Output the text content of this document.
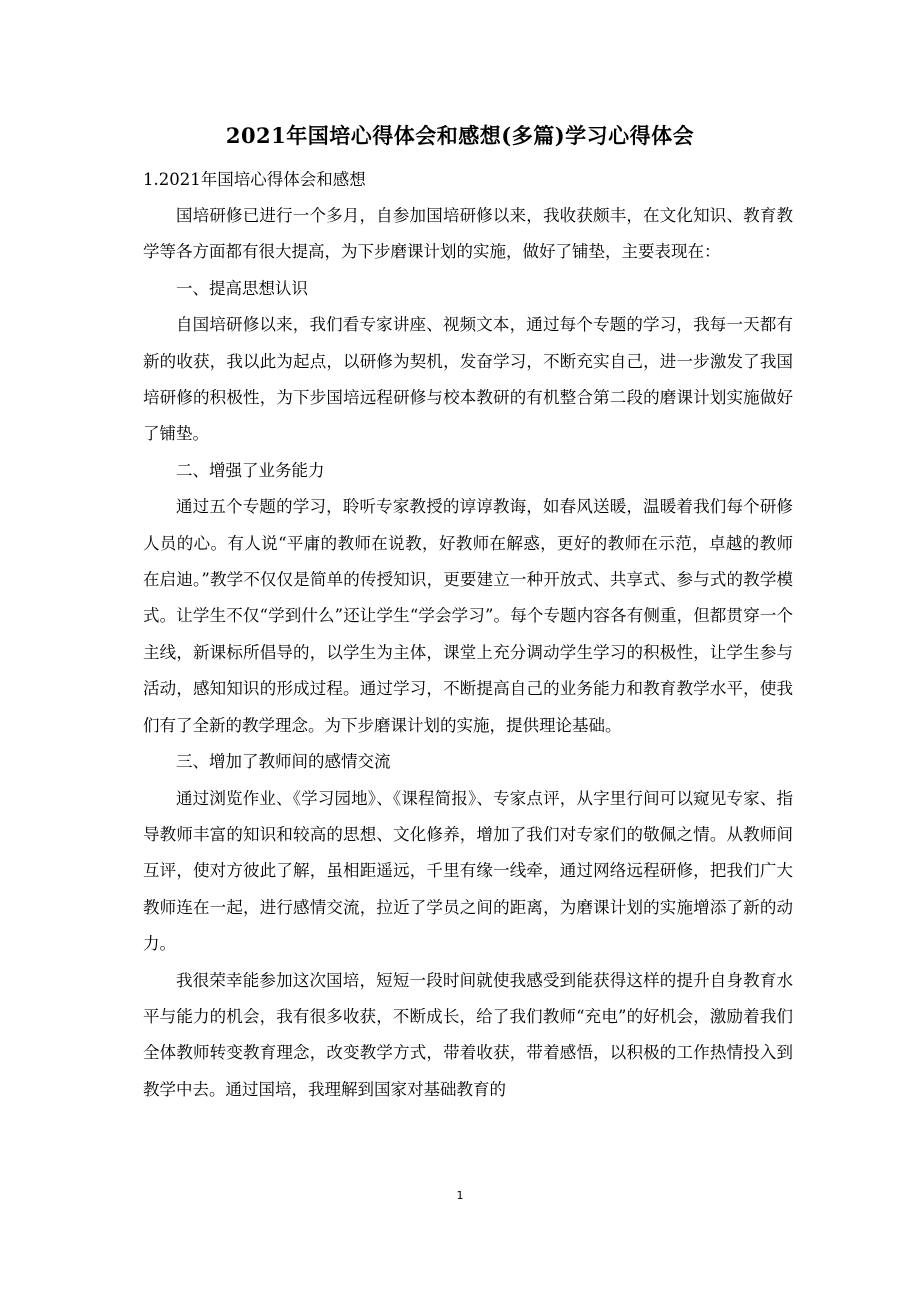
2021年国培心得体会和感想(多篇)学习心得体会

1.2021年国培心得体会和感想

国培研修已进行一个多月，自参加国培研修以来，我收获颇丰，在文化知识、教育教学等各方面都有很大提高，为下步磨课计划的实施，做好了铺垫，主要表现在：

一、提高思想认识

自国培研修以来，我们看专家讲座、视频文本，通过每个专题的学习，我每一天都有新的收获，我以此为起点，以研修为契机，发奋学习，不断充实自己，进一步激发了我国培研修的积极性，为下步国培远程研修与校本教研的有机整合第二段的磨课计划实施做好了铺垫。

二、增强了业务能力

通过五个专题的学习，聆听专家教授的谆谆教诲，如春风送暖，温暖着我们每个研修人员的心。有人说“平庸的教师在说教，好教师在解惑，更好的教师在示范，卓越的教师在启迪。”教学不仅仅是简单的传授知识，更要建立一种开放式、共享式、参与式的教学模式。让学生不仅“学到什么”还让学生“学会学习”。每个专题内容各有侧重，但都贯穿一个主线，新课标所倡导的，以学生为主体，课堂上充分调动学生学习的积极性，让学生参与活动，感知知识的形成过程。通过学习，不断提高自己的业务能力和教育教学水平，使我们有了全新的教学理念。为下步磨课计划的实施，提供理论基础。

三、增加了教师间的感情交流

通过浏览作业、《学习园地》、《课程简报》、专家点评，从字里行间可以窥见专家、指导教师丰富的知识和较高的思想、文化修养，增加了我们对专家们的敬佩之情。从教师间互评，使对方彼此了解，虽相距遥远，千里有缘一线牵，通过网络远程研修，把我们广大教师连在一起，进行感情交流，拉近了学员之间的距离，为磨课计划的实施增添了新的动力。

我很荣幸能参加这次国培，短短一段时间就使我感受到能获得这样的提升自身教育水平与能力的机会，我有很多收获，不断成长，给了我们教师“充电”的好机会，激励着我们全体教师转变教育理念，改变教学方式，带着收获，带着感悟，以积极的工作热情投入到教学中去。通过国培，我理解到国家对基础教育的

1
